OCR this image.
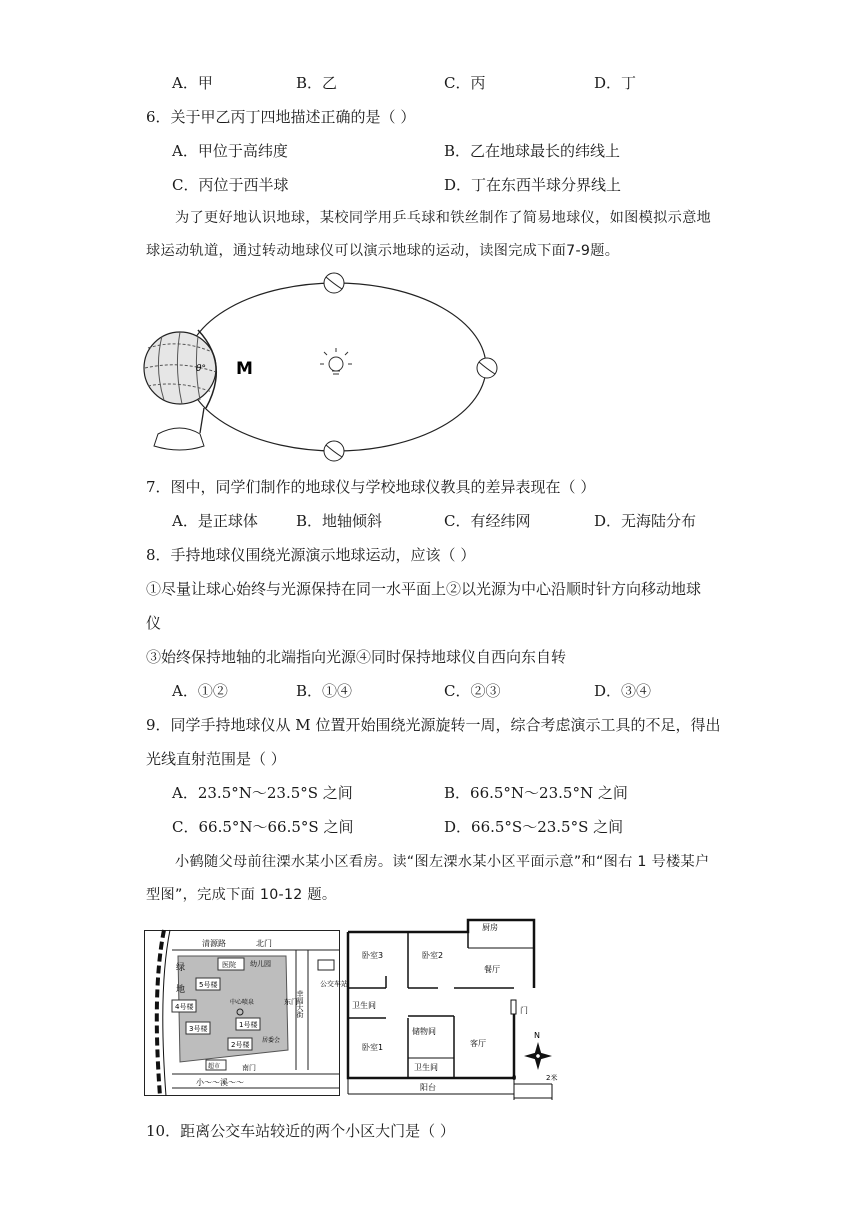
A．甲	B．乙	C．丙	D．丁
6．关于甲乙丙丁四地描述正确的是（ ）
A．甲位于高纬度	B．乙在地球最长的纬线上
C．丙位于西半球	D．丁在东西半球分界线上
为了更好地认识地球，某校同学用乒乓球和铁丝制作了简易地球仪，如图模拟示意地球运动轨道，通过转动地球仪可以演示地球的运动，读图完成下面7-9题。
θ° M
7．图中，同学们制作的地球仪与学校地球仪教具的差异表现在（ ）
A．是正球体	B．地轴倾斜	C．有经纬网	D．无海陆分布
8．手持地球仪围绕光源演示地球运动，应该（ ）
①尽量让球心始终与光源保持在同一水平面上②以光源为中心沿顺时针方向移动地球
仪
③始终保持地轴的北端指向光源④同时保持地球仪自西向东自转
A．①②	B．①④	C．②③	D．③④
9．同学手持地球仪从 M 位置开始围绕光源旋转一周，综合考虑演示工具的不足，得出
光线直射范围是（ ）
A．23.5°N～23.5°S 之间	B．66.5°N～23.5°N 之间
C．66.5°N～66.5°S 之间	D．66.5°S～23.5°S 之间
小鹤随父母前往溧水某小区看房。读“图左溧水某小区平面示意”和“图右 1 号楼某户型图”，完成下面 10-12 题。
清源路	北门
绿
地
医院 幼儿园
5号楼
4号楼
中心喷泉
1号楼
3号楼
2号楼
东门
居委会
超市	南门
公交车站
幸福大街
小～～溪～～
厨房
卧室3	卧室2
餐厅
卫生间
门
储物间
客厅
卧室1
卫生间
阳台
N
0	2米
10．距离公交车站较近的两个小区大门是（ ）
